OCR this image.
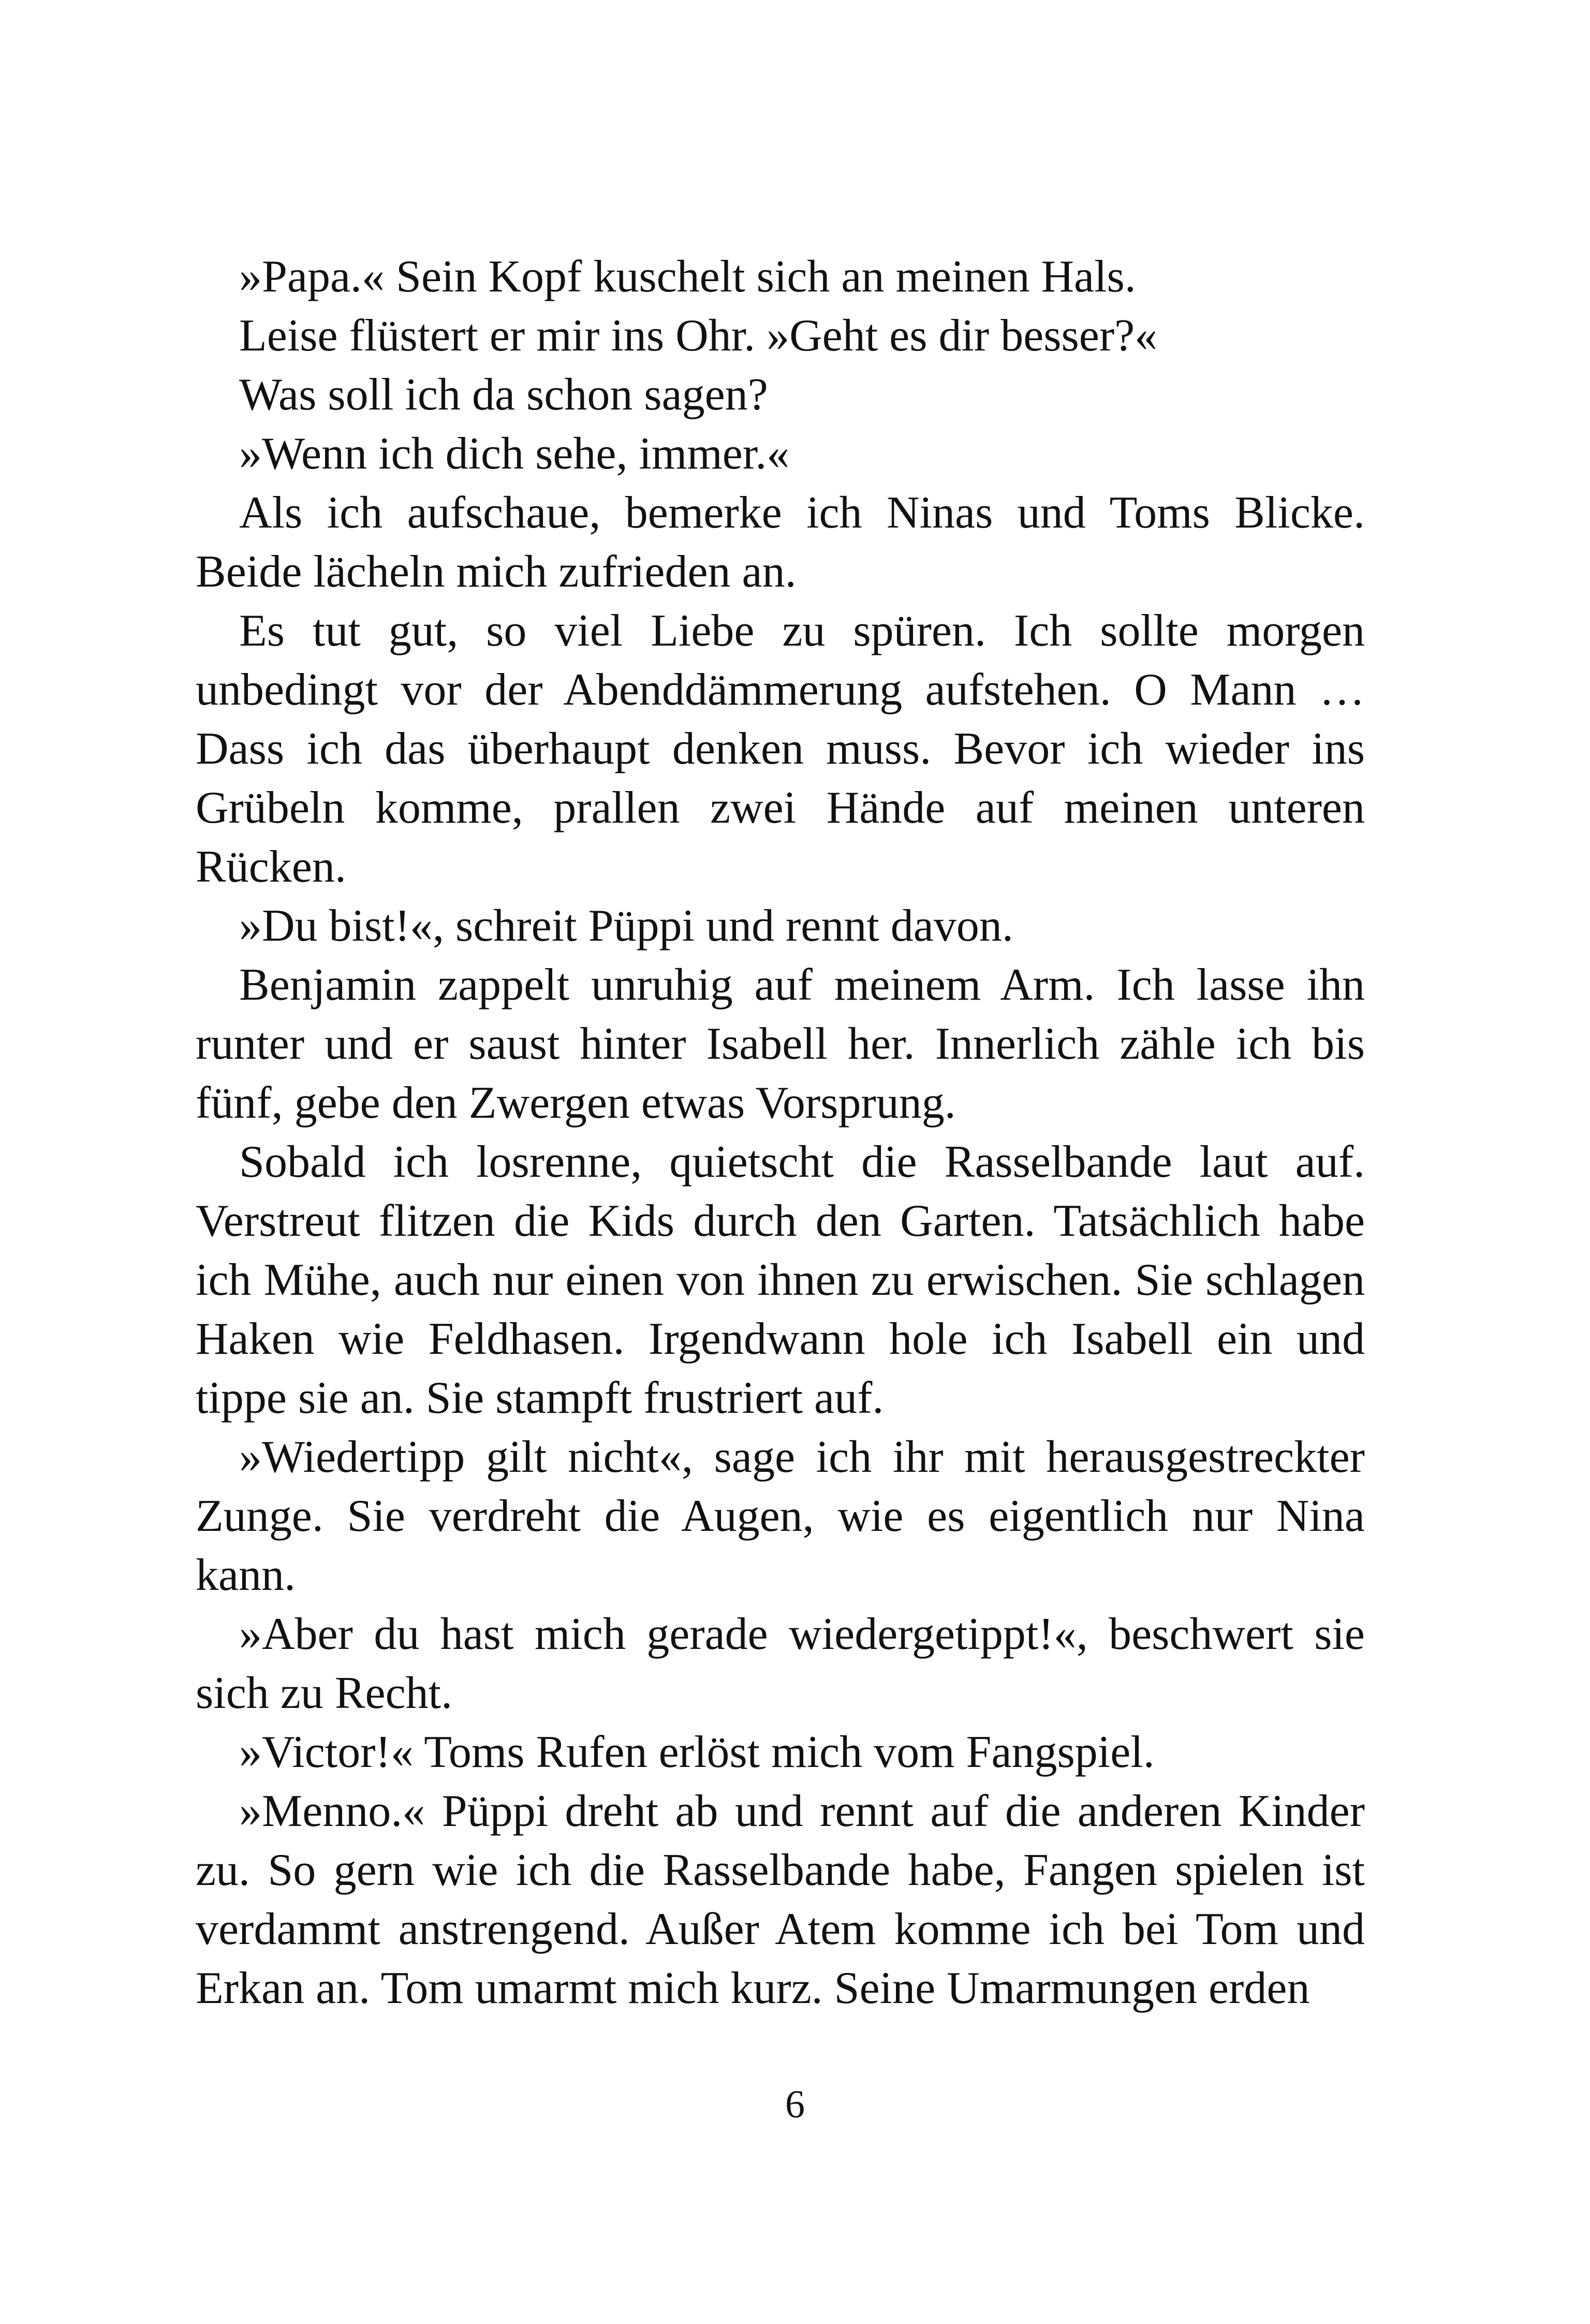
»Papa.« Sein Kopf kuschelt sich an meinen Hals.

Leise flüstert er mir ins Ohr. »Geht es dir besser?«

Was soll ich da schon sagen?

»Wenn ich dich sehe, immer.«

Als ich aufschaue, bemerke ich Ninas und Toms Blicke. Beide lächeln mich zufrieden an.

Es tut gut, so viel Liebe zu spüren. Ich sollte morgen unbedingt vor der Abenddämmerung aufstehen. O Mann … Dass ich das überhaupt denken muss. Bevor ich wieder ins Grübeln komme, prallen zwei Hände auf meinen unteren Rücken.

»Du bist!«, schreit Püppi und rennt davon.

Benjamin zappelt unruhig auf meinem Arm. Ich lasse ihn runter und er saust hinter Isabell her. Innerlich zähle ich bis fünf, gebe den Zwergen etwas Vorsprung.

Sobald ich losrenne, quietscht die Rasselbande laut auf. Verstreut flitzen die Kids durch den Garten. Tatsächlich habe ich Mühe, auch nur einen von ihnen zu erwischen. Sie schlagen Haken wie Feldhasen. Irgendwann hole ich Isabell ein und tippe sie an. Sie stampft frustriert auf.

»Wiedertipp gilt nicht«, sage ich ihr mit herausgestreckter Zunge. Sie verdreht die Augen, wie es eigentlich nur Nina kann.

»Aber du hast mich gerade wiedergetippt!«, beschwert sie sich zu Recht.

»Victor!« Toms Rufen erlöst mich vom Fangspiel.

»Menno.« Püppi dreht ab und rennt auf die anderen Kinder zu. So gern wie ich die Rasselbande habe, Fangen spielen ist verdammt anstrengend. Außer Atem komme ich bei Tom und Erkan an. Tom umarmt mich kurz. Seine Umarmungen erden

6
